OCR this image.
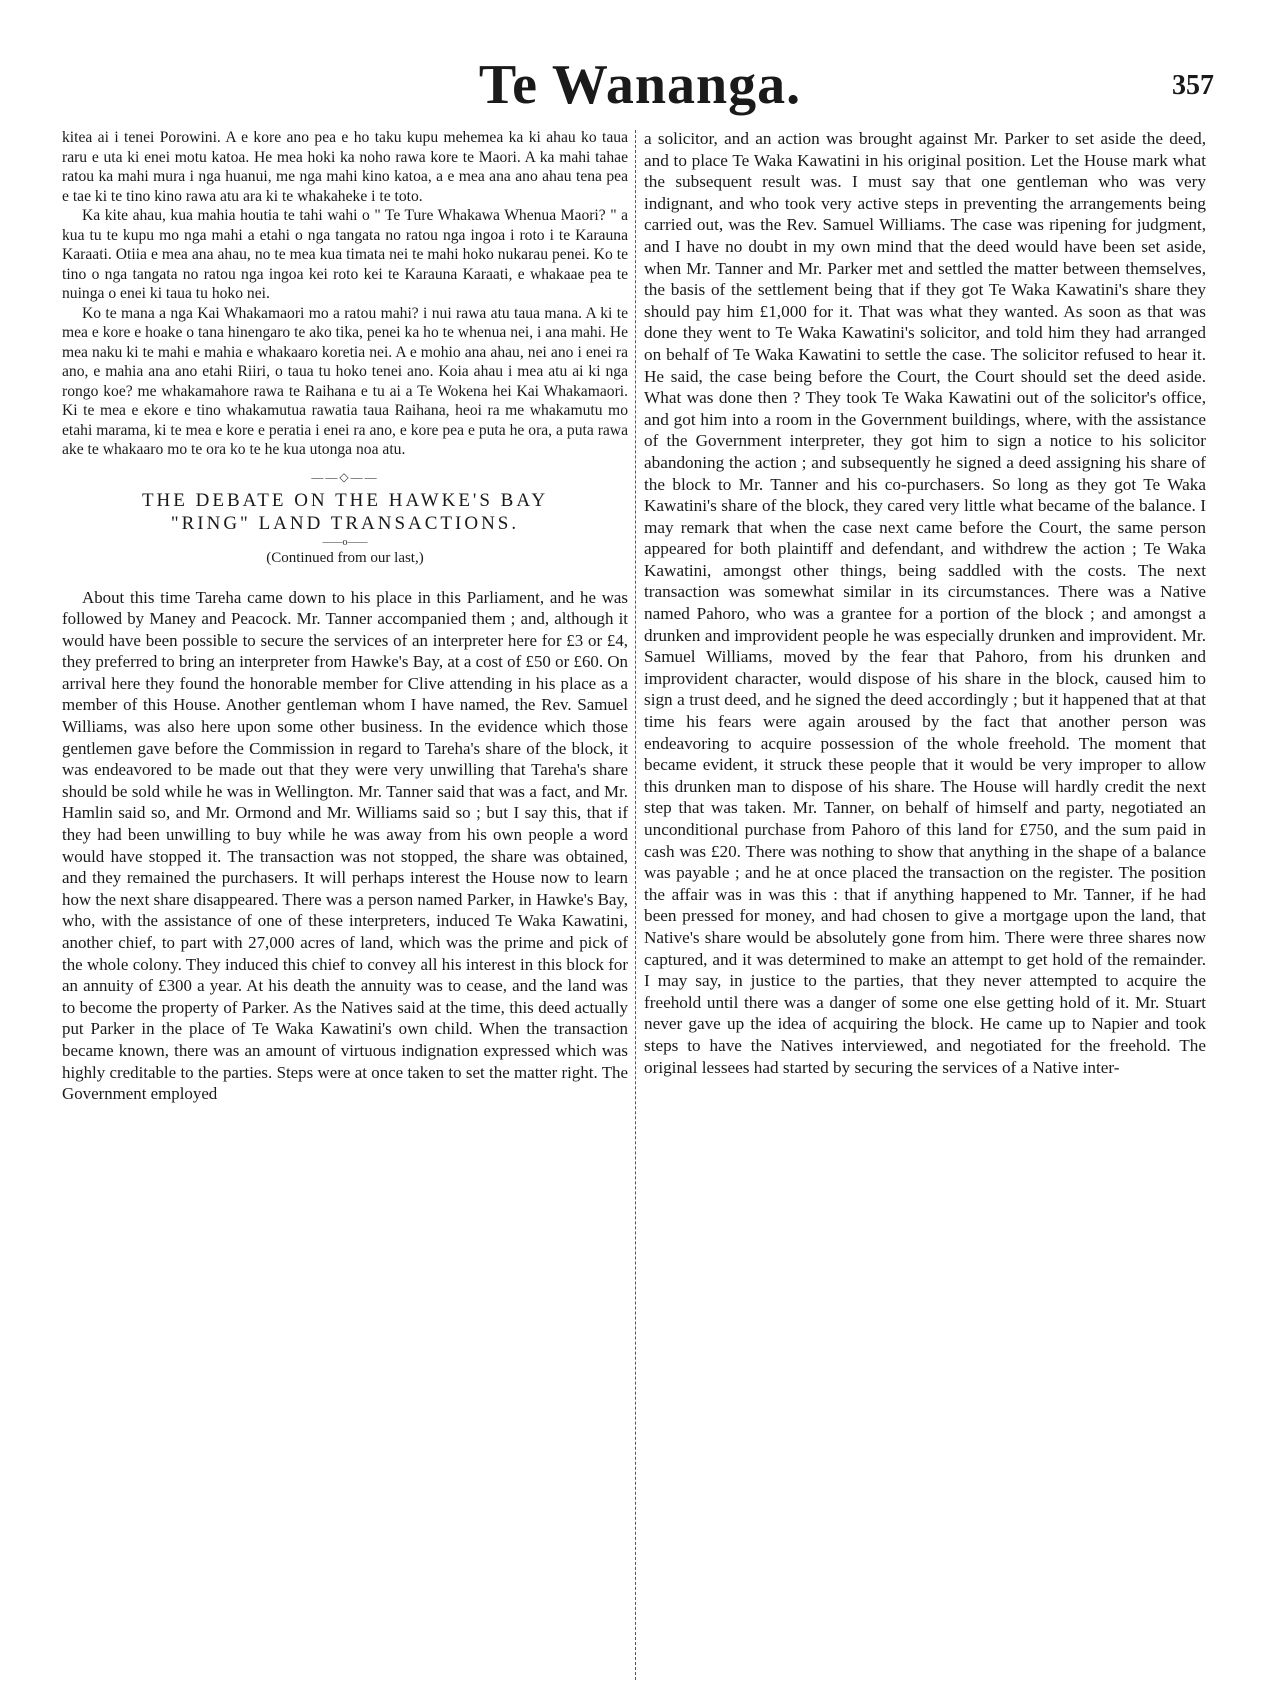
Te Wananga.	357

kitea ai i tenei Porowini. A e kore ano pea e ho taku kupu mehemea ka ki ahau ko taua raru e uta ki enei motu katoa. He mea hoki ka noho rawa kore te Maori. A ka mahi tahae ratou ka mahi mura i nga huanui, me nga mahi kino katoa, a e mea ana ano ahau tena pea e tae ki te tino kino rawa atu ara ki te whakaheke i te toto.

Ka kite ahau, kua mahia houtia te tahi wahi o " Te Ture Whakawa Whenua Maori? " a kua tu te kupu mo nga mahi a etahi o nga tangata no ratou nga ingoa i roto i te Karauna Karaati. Otiia e mea ana ahau, no te mea kua timata nei te mahi hoko nukarau penei. Ko te tino o nga tangata no ratou nga ingoa kei roto kei te Karauna Karaati, e whakaae pea te nuinga o enei ki taua tu hoko nei.

Ko te mana a nga Kai Whakamaori mo a ratou mahi? i nui rawa atu taua mana. A ki te mea e kore e hoake o tana hinengaro te ako tika, penei ka ho te whenua nei, i ana mahi. He mea naku ki te mahi e mahia e whakaaro koretia nei. A e mohio ana ahau, nei ano i enei ra ano, e mahia ana ano etahi Riiri, o taua tu hoko tenei ano. Koia ahau i mea atu ai ki nga rongo koe? me whakamahore rawa te Raihana e tu ai a Te Wokena hei Kai Whakamaori. Ki te mea e ekore e tino whakamutua rawatia taua Raihana, heoi ra me whakamutu mo etahi marama, ki te mea e kore e peratia i enei ra ano, e kore pea e puta he ora, a puta rawa ake te whakaaro mo te ora ko te he kua utonga noa atu.

——◇——

THE DEBATE ON THE HAWKE'S BAY

"RING" LAND TRANSACTIONS.

——o——
(Continued from our last,)

About this time Tareha came down to his place in this Parliament, and he was followed by Maney and Peacock. Mr. Tanner accompanied them ; and, although it would have been possible to secure the services of an interpreter here for £3 or £4, they preferred to bring an interpreter from Hawke's Bay, at a cost of £50 or £60. On arrival here they found the honorable member for Clive attending in his place as a member of this House. Another gentleman whom I have named, the Rev. Samuel Williams, was also here upon some other business. In the evidence which those gentlemen gave before the Commission in regard to Tareha's share of the block, it was endeavored to be made out that they were very unwilling that Tareha's share should be sold while he was in Wellington. Mr. Tanner said that was a fact, and Mr. Hamlin said so, and Mr. Ormond and Mr. Williams said so ; but I say this, that if they had been unwilling to buy while he was away from his own people a word would have stopped it. The transaction was not stopped, the share was obtained, and they remained the purchasers. It will perhaps interest the House now to learn how the next share disappeared. There was a person named Parker, in Hawke's Bay, who, with the assistance of one of these interpreters, induced Te Waka Kawatini, another chief, to part with 27,000 acres of land, which was the prime and pick of the whole colony. They induced this chief to convey all his interest in this block for an annuity of £300 a year. At his death the annuity was to cease, and the land was to become the property of Parker. As the Natives said at the time, this deed actually put Parker in the place of Te Waka Kawatini's own child. When the transaction became known, there was an amount of virtuous indignation expressed which was highly creditable to the parties. Steps were at once taken to set the matter right. The Government employed

a solicitor, and an action was brought against Mr. Parker to set aside the deed, and to place Te Waka Kawatini in his original position. Let the House mark what the subsequent result was. I must say that one gentleman who was very indignant, and who took very active steps in preventing the arrangements being carried out, was the Rev. Samuel Williams. The case was ripening for judgment, and I have no doubt in my own mind that the deed would have been set aside, when Mr. Tanner and Mr. Parker met and settled the matter between themselves, the basis of the settlement being that if they got Te Waka Kawatini's share they should pay him £1,000 for it. That was what they wanted. As soon as that was done they went to Te Waka Kawatini's solicitor, and told him they had arranged on behalf of Te Waka Kawatini to settle the case. The solicitor refused to hear it. He said, the case being before the Court, the Court should set the deed aside. What was done then ? They took Te Waka Kawatini out of the solicitor's office, and got him into a room in the Government buildings, where, with the assistance of the Government interpreter, they got him to sign a notice to his solicitor abandoning the action ; and subsequently he signed a deed assigning his share of the block to Mr. Tanner and his co-purchasers. So long as they got Te Waka Kawatini's share of the block, they cared very little what became of the balance. I may remark that when the case next came before the Court, the same person appeared for both plaintiff and defendant, and withdrew the action ; Te Waka Kawatini, amongst other things, being saddled with the costs. The next transaction was somewhat similar in its circumstances. There was a Native named Pahoro, who was a grantee for a portion of the block ; and amongst a drunken and improvident people he was especially drunken and improvident. Mr. Samuel Williams, moved by the fear that Pahoro, from his drunken and improvident character, would dispose of his share in the block, caused him to sign a trust deed, and he signed the deed accordingly ; but it happened that at that time his fears were again aroused by the fact that another person was endeavoring to acquire possession of the whole freehold. The moment that became evident, it struck these people that it would be very improper to allow this drunken man to dispose of his share. The House will hardly credit the next step that was taken. Mr. Tanner, on behalf of himself and party, negotiated an unconditional purchase from Pahoro of this land for £750, and the sum paid in cash was £20. There was nothing to show that anything in the shape of a balance was payable ; and he at once placed the transaction on the register. The position the affair was in was this : that if anything happened to Mr. Tanner, if he had been pressed for money, and had chosen to give a mortgage upon the land, that Native's share would be absolutely gone from him. There were three shares now captured, and it was determined to make an attempt to get hold of the remainder. I may say, in justice to the parties, that they never attempted to acquire the freehold until there was a danger of some one else getting hold of it. Mr. Stuart never gave up the idea of acquiring the block. He came up to Napier and took steps to have the Natives interviewed, and negotiated for the freehold. The original lessees had started by securing the services of a Native inter-
